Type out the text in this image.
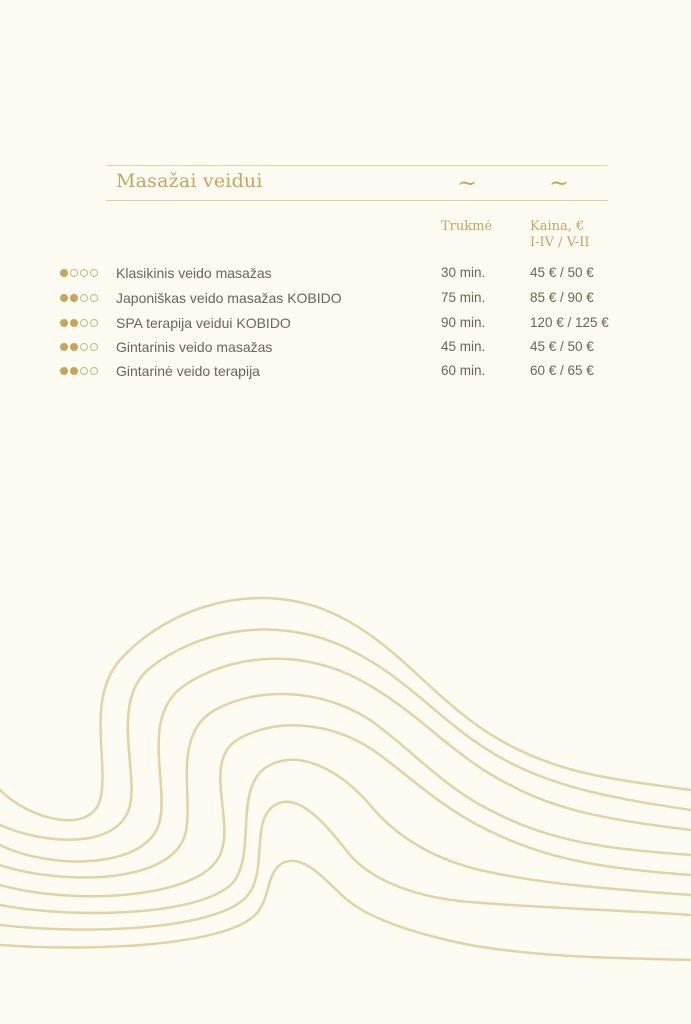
Masažai veidui	~	~
Trukmė	Kaina, €
I-IV / V-II
Klasikinis veido masažas	30 min.	45 € / 50 €
Japoniškas veido masažas KOBIDO	75 min.	85 € / 90 €
SPA terapija veidui KOBIDO	90 min.	120 € / 125 €
Gintarinis veido masažas	45 min.	45 € / 50 €
Gintarinė veido terapija	60 min.	60 € / 65 €
